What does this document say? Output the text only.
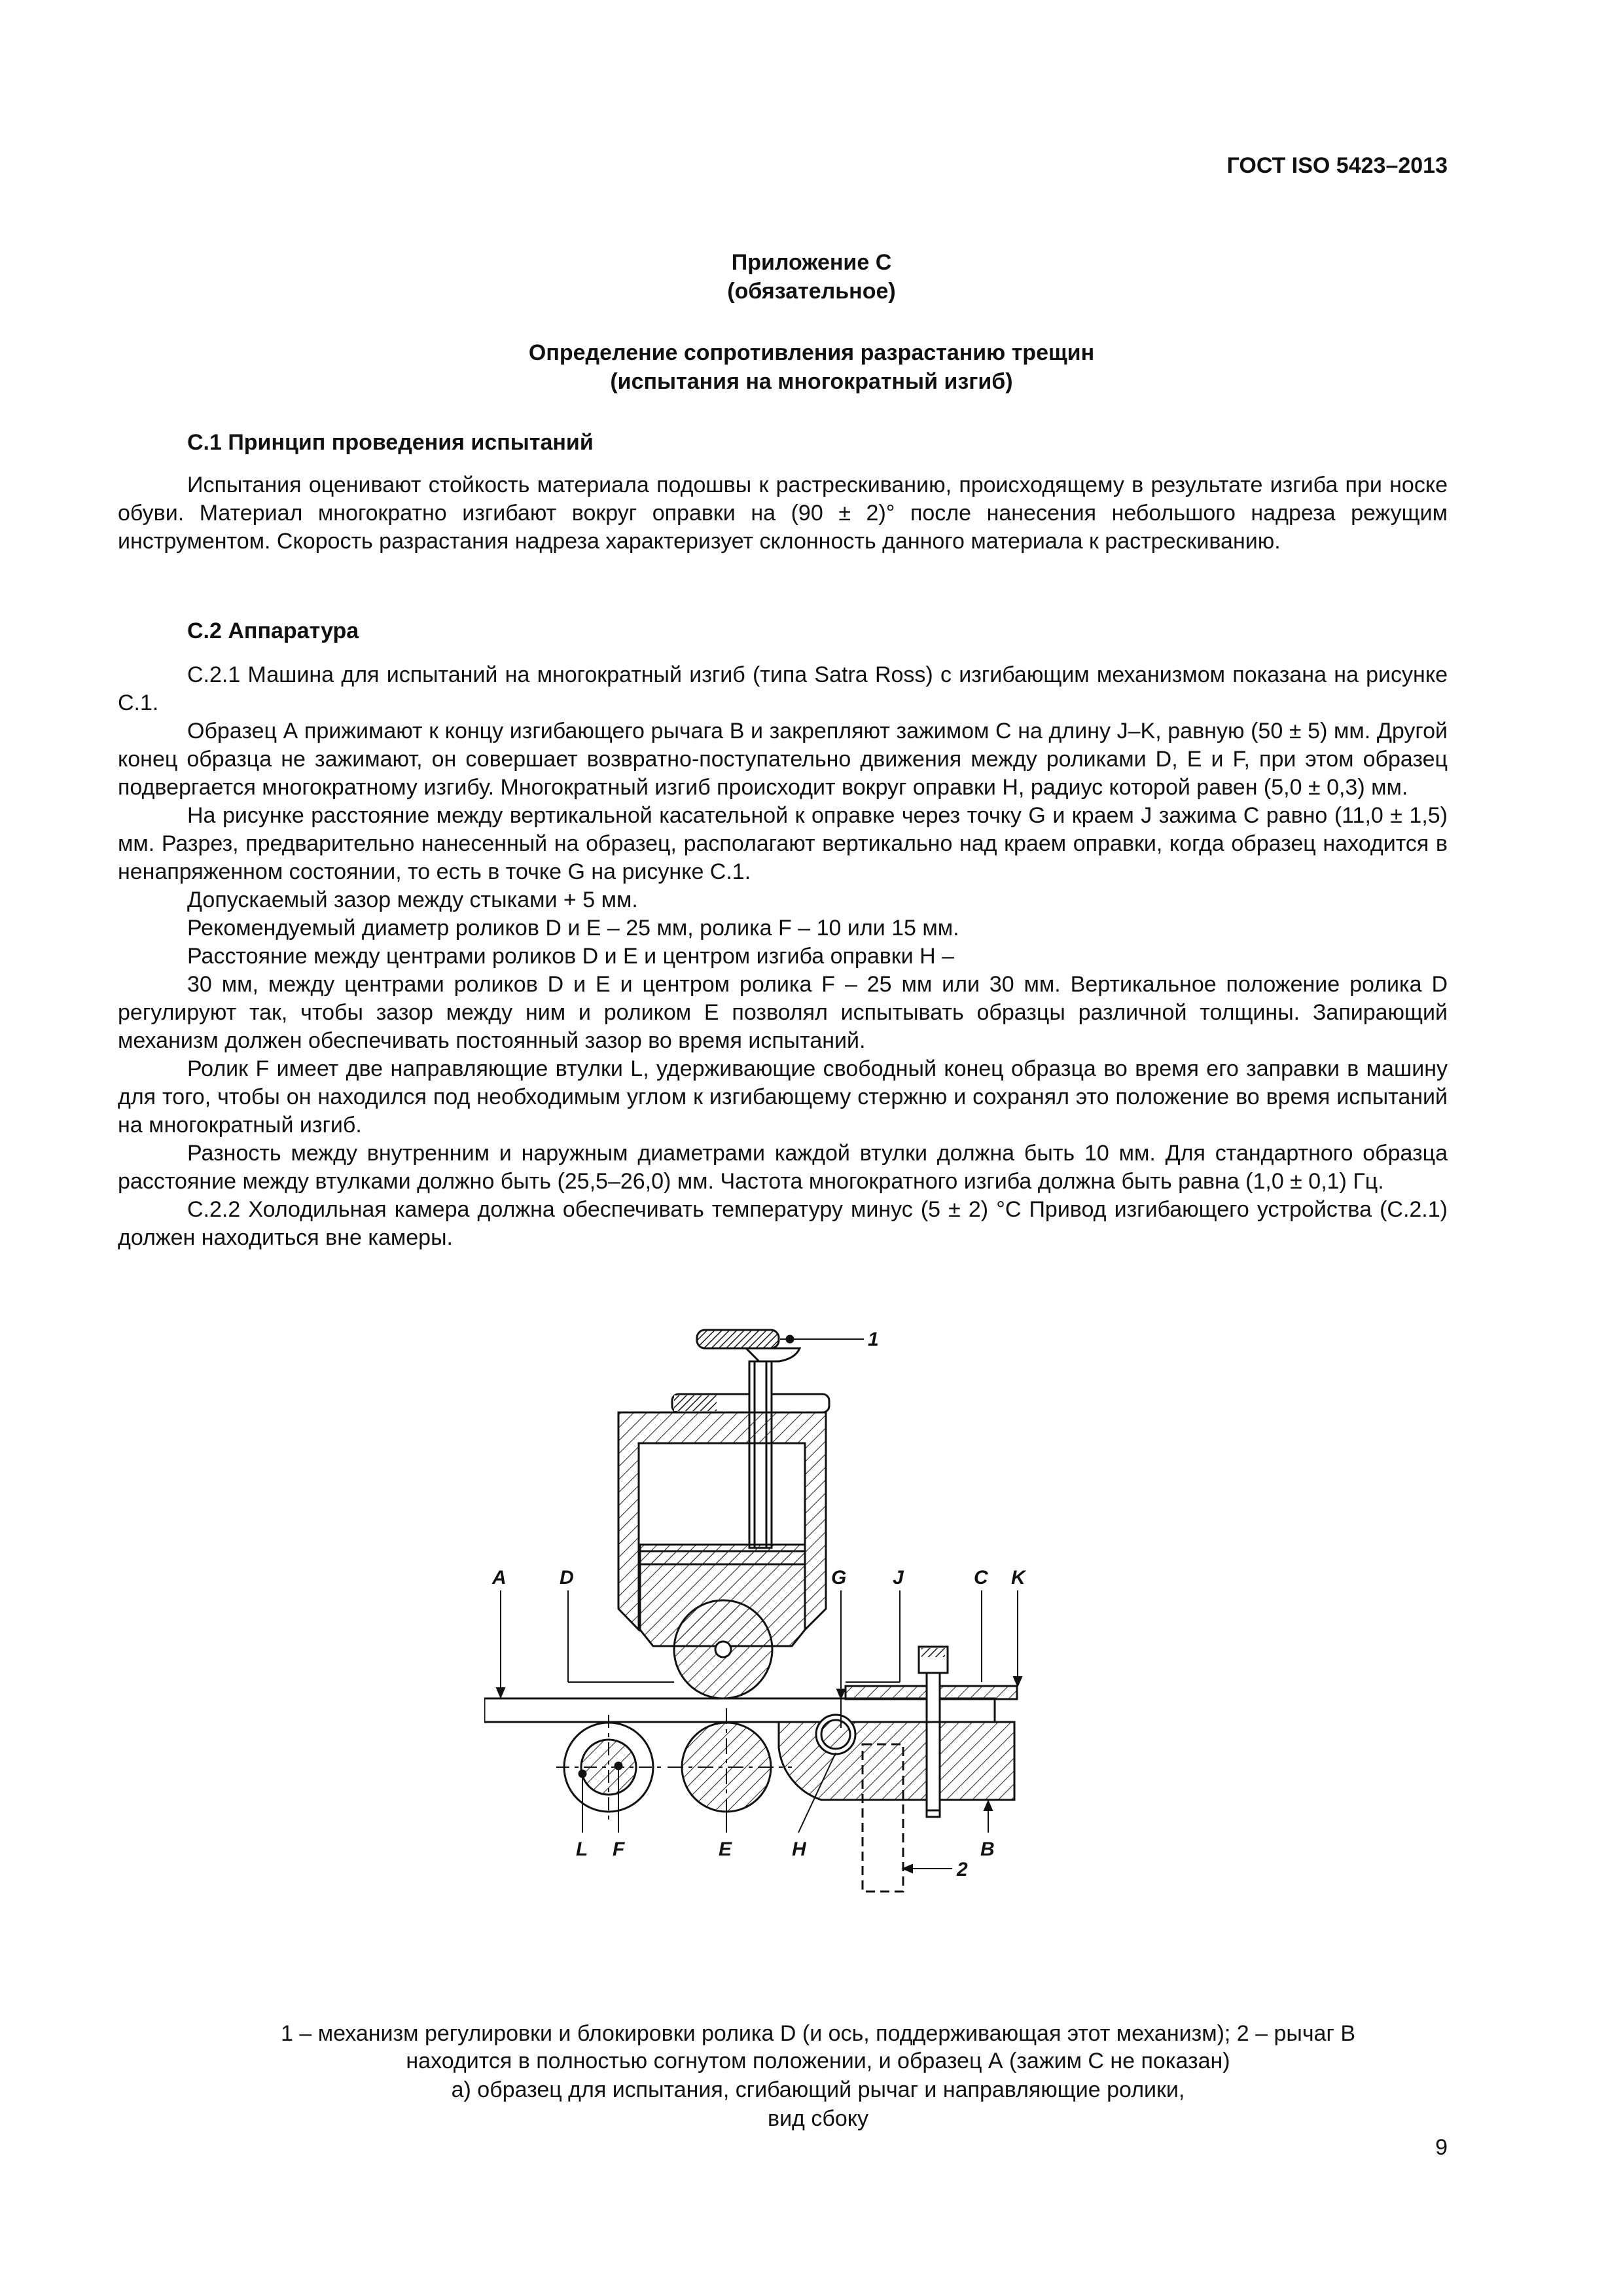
ГОСТ ISO 5423–2013
Приложение С
(обязательное)
Определение сопротивления разрастанию трещин
(испытания на многократный изгиб)
С.1 Принцип проведения испытаний

Испытания оценивают стойкость материала подошвы к растрескиванию, происходящему в результате изгиба при носке обуви. Материал многократно изгибают вокруг оправки на (90 ± 2)° после нанесения небольшого надреза режущим инструментом. Скорость разрастания надреза характеризует склонность данного материала к растрескиванию.

С.2 Аппаратура

С.2.1 Машина для испытаний на многократный изгиб (типа Satra Ross) с изгибающим механизмом показана на рисунке С.1.

Образец А прижимают к концу изгибающего рычага В и закрепляют зажимом С на длину J–K, равную (50 ± 5) мм. Другой конец образца не зажимают, он совершает возвратно-поступательно движения между роликами D, E и F, при этом образец подвергается многократному изгибу. Многократный изгиб происходит вокруг оправки Н, радиус которой равен (5,0 ± 0,3) мм.

На рисунке расстояние между вертикальной касательной к оправке через точку G и краем J зажима С равно (11,0 ± 1,5) мм. Разрез, предварительно нанесенный на образец, располагают вертикально над краем оправки, когда образец находится в ненапряженном состоянии, то есть в точке G на рисунке С.1.

Допускаемый зазор между стыками + 5 мм.

Рекомендуемый диаметр роликов D и E – 25 мм, ролика F – 10 или 15 мм.

Расстояние между центрами роликов D и E и центром изгиба оправки Н –

30 мм, между центрами роликов D и E и центром ролика F – 25 мм или 30 мм. Вертикальное положение ролика D регулируют так, чтобы зазор между ним и роликом E позволял испытывать образцы различной толщины. Запирающий механизм должен обеспечивать постоянный зазор во время испытаний.

Ролик F имеет две направляющие втулки L, удерживающие свободный конец образца во время его заправки в машину для того, чтобы он находился под необходимым углом к изгибающему стержню и сохранял это положение во время испытаний на многократный изгиб.

Разность между внутренним и наружным диаметрами каждой втулки должна быть 10 мм. Для стандартного образца расстояние между втулками должно быть (25,5–26,0) мм. Частота многократного изгиба должна быть равна (1,0 ± 0,1) Гц.

С.2.2 Холодильная камера должна обеспечивать температуру минус (5 ± 2) °С Привод изгибающего устройства (С.2.1) должен находиться вне камеры.

1
A	D	G J	C K
L F	E	H	B
2
1 – механизм регулировки и блокировки ролика D (и ось, поддерживающая этот механизм); 2 – рычаг В
находится в полностью согнутом положении, и образец А (зажим С не показан)
а) образец для испытания, сгибающий рычаг и направляющие ролики,
вид сбоку
9
